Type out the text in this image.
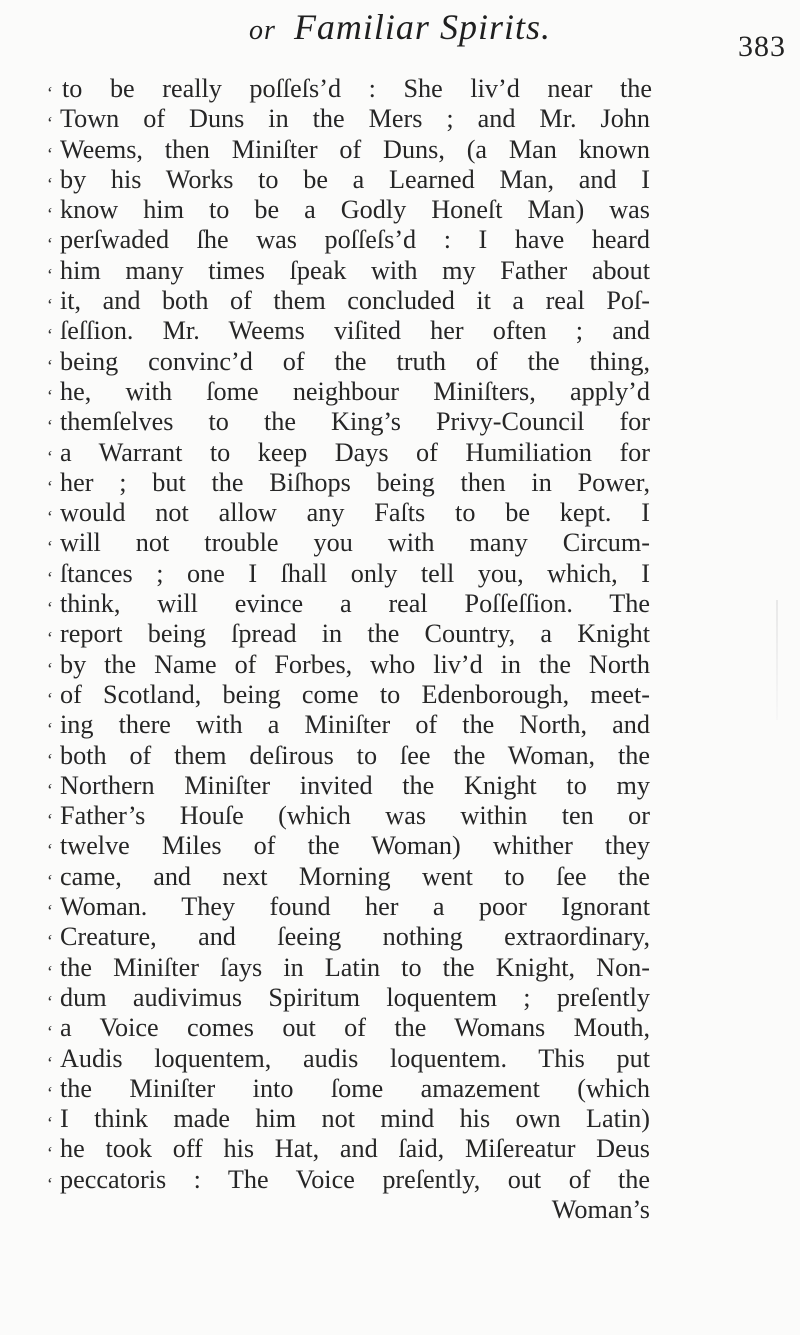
or Familiar Spirits.	383
‘ to be really poſſeſs’d : She liv’d near the
‘ Town of Duns in the Mers ; and Mr. John
‘ Weems, then Miniſter of Duns, (a Man known
‘ by his Works to be a Learned Man, and I
‘ know him to be a Godly Honeſt Man) was
‘ perſwaded ſhe was poſſeſs’d : I have heard
‘ him many times ſpeak with my Father about
‘ it, and both of them concluded it a real Poſ-
‘ ſeſſion. Mr. Weems viſited her often ; and
‘ being convinc’d of the truth of the thing,
‘ he, with ſome neighbour Miniſters, apply’d
‘ themſelves to the King’s Privy-Council for
‘ a Warrant to keep Days of Humiliation for
‘ her ; but the Biſhops being then in Power,
‘ would not allow any Faſts to be kept. I
‘ will not trouble you with many Circum-
‘ ſtances ; one I ſhall only tell you, which, I
‘ think, will evince a real Poſſeſſion. The
‘ report being ſpread in the Country, a Knight
‘ by the Name of Forbes, who liv’d in the North
‘ of Scotland, being come to Edenborough, meet-
‘ ing there with a Miniſter of the North, and
‘ both of them deſirous to ſee the Woman, the
‘ Northern Miniſter invited the Knight to my
‘ Father’s Houſe (which was within ten or
‘ twelve Miles of the Woman) whither they
‘ came, and next Morning went to ſee the
‘ Woman. They found her a poor Ignorant
‘ Creature, and ſeeing nothing extraordinary,
‘ the Miniſter ſays in Latin to the Knight, Non-
‘ dum audivimus Spiritum loquentem ; preſently
‘ a Voice comes out of the Womans Mouth,
‘ Audis loquentem, audis loquentem. This put
‘ the Miniſter into ſome amazement (which
‘ I think made him not mind his own Latin)
‘ he took off his Hat, and ſaid, Miſereatur Deus
‘ peccatoris : The Voice preſently, out of the
Woman’s
